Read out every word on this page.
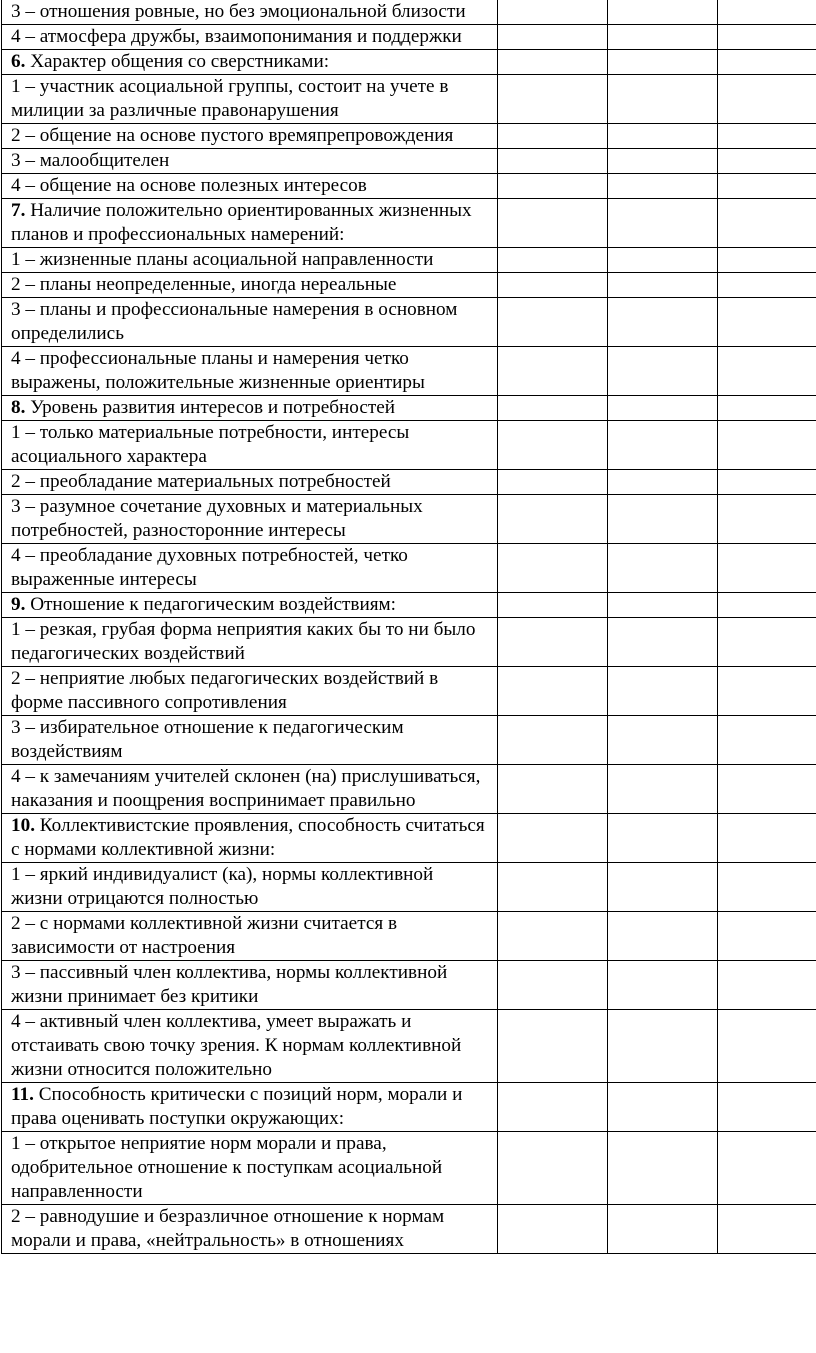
3 – отношения ровные, но без эмоциональной близости			
4 – атмосфера дружбы, взаимопонимания и поддержки			
6. Характер общения со сверстниками:			
1 – участник асоциальной группы, состоит на учете в милиции за различные правонарушения			
2 – общение на основе пустого времяпрепровождения			
3 – малообщителен			
4 – общение на основе полезных интересов			
7. Наличие положительно ориентированных жизненных планов и профессиональных намерений:			
1 – жизненные планы асоциальной направленности			
2 – планы неопределенные, иногда нереальные			
3 – планы и профессиональные намерения в основном определились			
4 – профессиональные планы и намерения четко выражены, положительные жизненные ориентиры			
8. Уровень развития интересов и потребностей			
1 – только материальные потребности, интересы асоциального характера			
2 – преобладание материальных потребностей			
3 – разумное сочетание духовных и материальных потребностей, разносторонние интересы			
4 – преобладание духовных потребностей, четко выраженные интересы			
9. Отношение к педагогическим воздействиям:			
1 – резкая, грубая форма неприятия каких бы то ни было педагогических воздействий			
2 – неприятие любых педагогических воздействий в форме пассивного сопротивления			
3 – избирательное отношение к педагогическим воздействиям			
4 – к замечаниям учителей склонен (на) прислушиваться, наказания и поощрения воспринимает правильно			
10. Коллективистские проявления, способность считаться с нормами коллективной жизни:			
1 – яркий индивидуалист (ка), нормы коллективной жизни отрицаются полностью			
2 – с нормами коллективной жизни считается в зависимости от настроения			
3 – пассивный член коллектива, нормы коллективной жизни принимает без критики			
4 – активный член коллектива, умеет выражать и отстаивать свою точку зрения. К нормам коллективной жизни относится положительно			
11. Способность критически с позиций норм, морали и права оценивать поступки окружающих:			
1 – открытое неприятие норм морали и права, одобрительное отношение к поступкам асоциальной направленности			
2 – равнодушие и безразличное отношение к нормам морали и права, «нейтральность» в отношениях			
